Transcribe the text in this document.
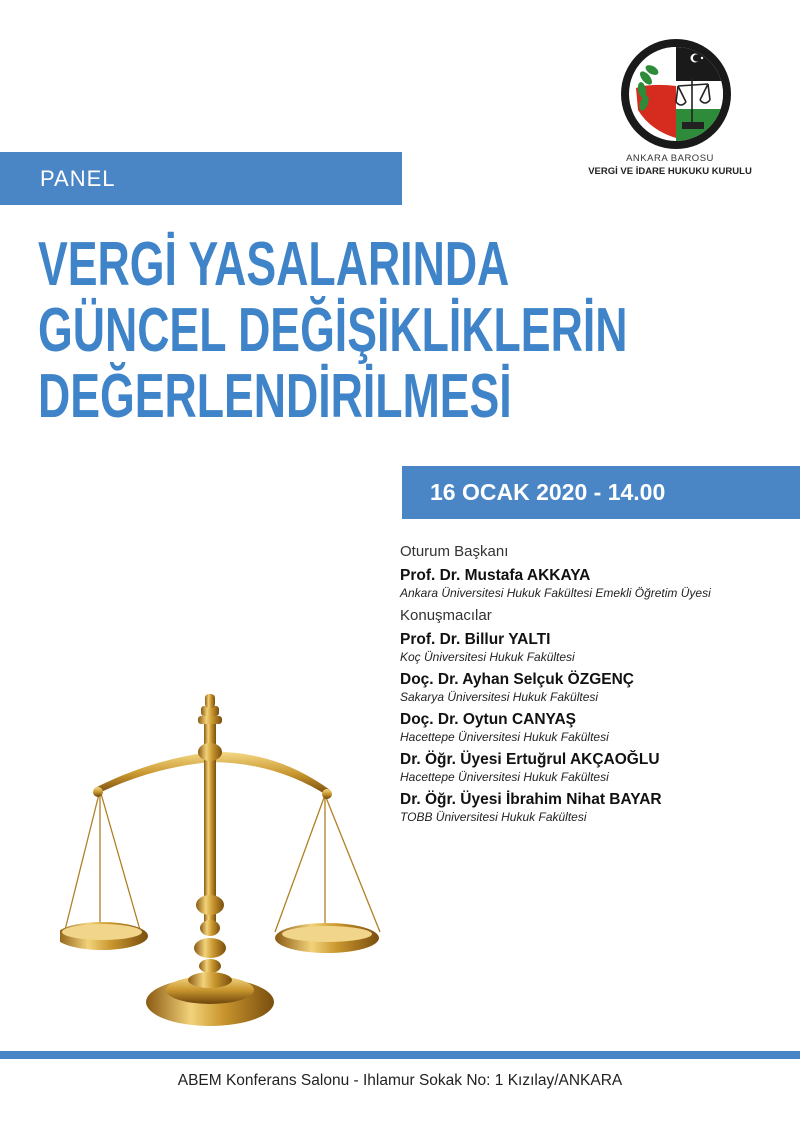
PANEL
ANKARA BAROSU
VERGİ VE İDARE HUKUKU KURULU
VERGİ YASALARINDA
GÜNCEL DEĞİŞİKLİKLERİN
DEĞERLENDİRİLMESİ
16 OCAK 2020 - 14.00
Oturum Başkanı
Prof. Dr. Mustafa AKKAYA
Ankara Üniversitesi Hukuk Fakültesi Emekli Öğretim Üyesi
Konuşmacılar
Prof. Dr. Billur YALTI
Koç Üniversitesi Hukuk Fakültesi
Doç. Dr. Ayhan Selçuk ÖZGENÇ
Sakarya Üniversitesi Hukuk Fakültesi
Doç. Dr. Oytun CANYAŞ
Hacettepe Üniversitesi Hukuk Fakültesi
Dr. Öğr. Üyesi Ertuğrul AKÇAOĞLU
Hacettepe Üniversitesi Hukuk Fakültesi
Dr. Öğr. Üyesi İbrahim Nihat BAYAR
TOBB Üniversitesi Hukuk Fakültesi
ABEM Konferans Salonu - Ihlamur Sokak No: 1 Kızılay/ANKARA
